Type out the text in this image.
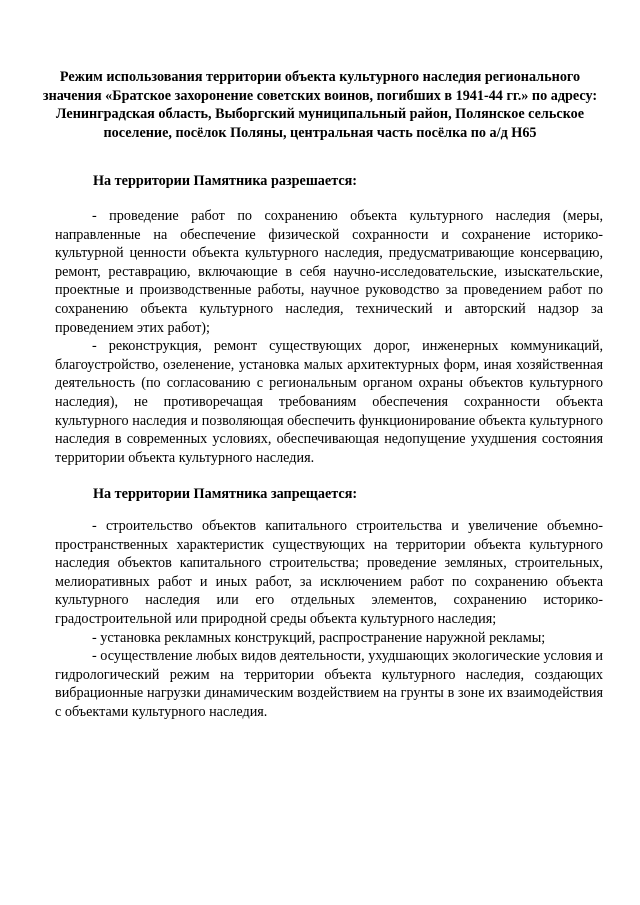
Режим использования территории объекта культурного наследия регионального значения «Братское захоронение советских воинов, погибших в 1941-44 гг.» по адресу: Ленинградская область, Выборгский муниципальный район, Полянское сельское поселение, посёлок Поляны, центральная часть посёлка по а/д Н65
На территории Памятника разрешается:

- проведение работ по сохранению объекта культурного наследия (меры, направленные на обеспечение физической сохранности и сохранение историко-культурной ценности объекта культурного наследия, предусматривающие консервацию, ремонт, реставрацию, включающие в себя научно-исследовательские, изыскательские, проектные и производственные работы, научное руководство за проведением работ по сохранению объекта культурного наследия, технический и авторский надзор за проведением этих работ);

- реконструкция, ремонт существующих дорог, инженерных коммуникаций, благоустройство, озеленение, установка малых архитектурных форм, иная хозяйственная деятельность (по согласованию с региональным органом охраны объектов культурного наследия), не противоречащая требованиям обеспечения сохранности объекта культурного наследия и позволяющая обеспечить функционирование объекта культурного наследия в современных условиях, обеспечивающая недопущение ухудшения состояния территории объекта культурного наследия.

На территории Памятника запрещается:

- строительство объектов капитального строительства и увеличение объемно-пространственных характеристик существующих на территории объекта культурного наследия объектов капитального строительства; проведение земляных, строительных, мелиоративных работ и иных работ, за исключением работ по сохранению объекта культурного наследия или его отдельных элементов, сохранению историко-градостроительной или природной среды объекта культурного наследия;

- установка рекламных конструкций, распространение наружной рекламы;

- осуществление любых видов деятельности, ухудшающих экологические условия и гидрологический режим на территории объекта культурного наследия, создающих вибрационные нагрузки динамическим воздействием на грунты в зоне их взаимодействия с объектами культурного наследия.
